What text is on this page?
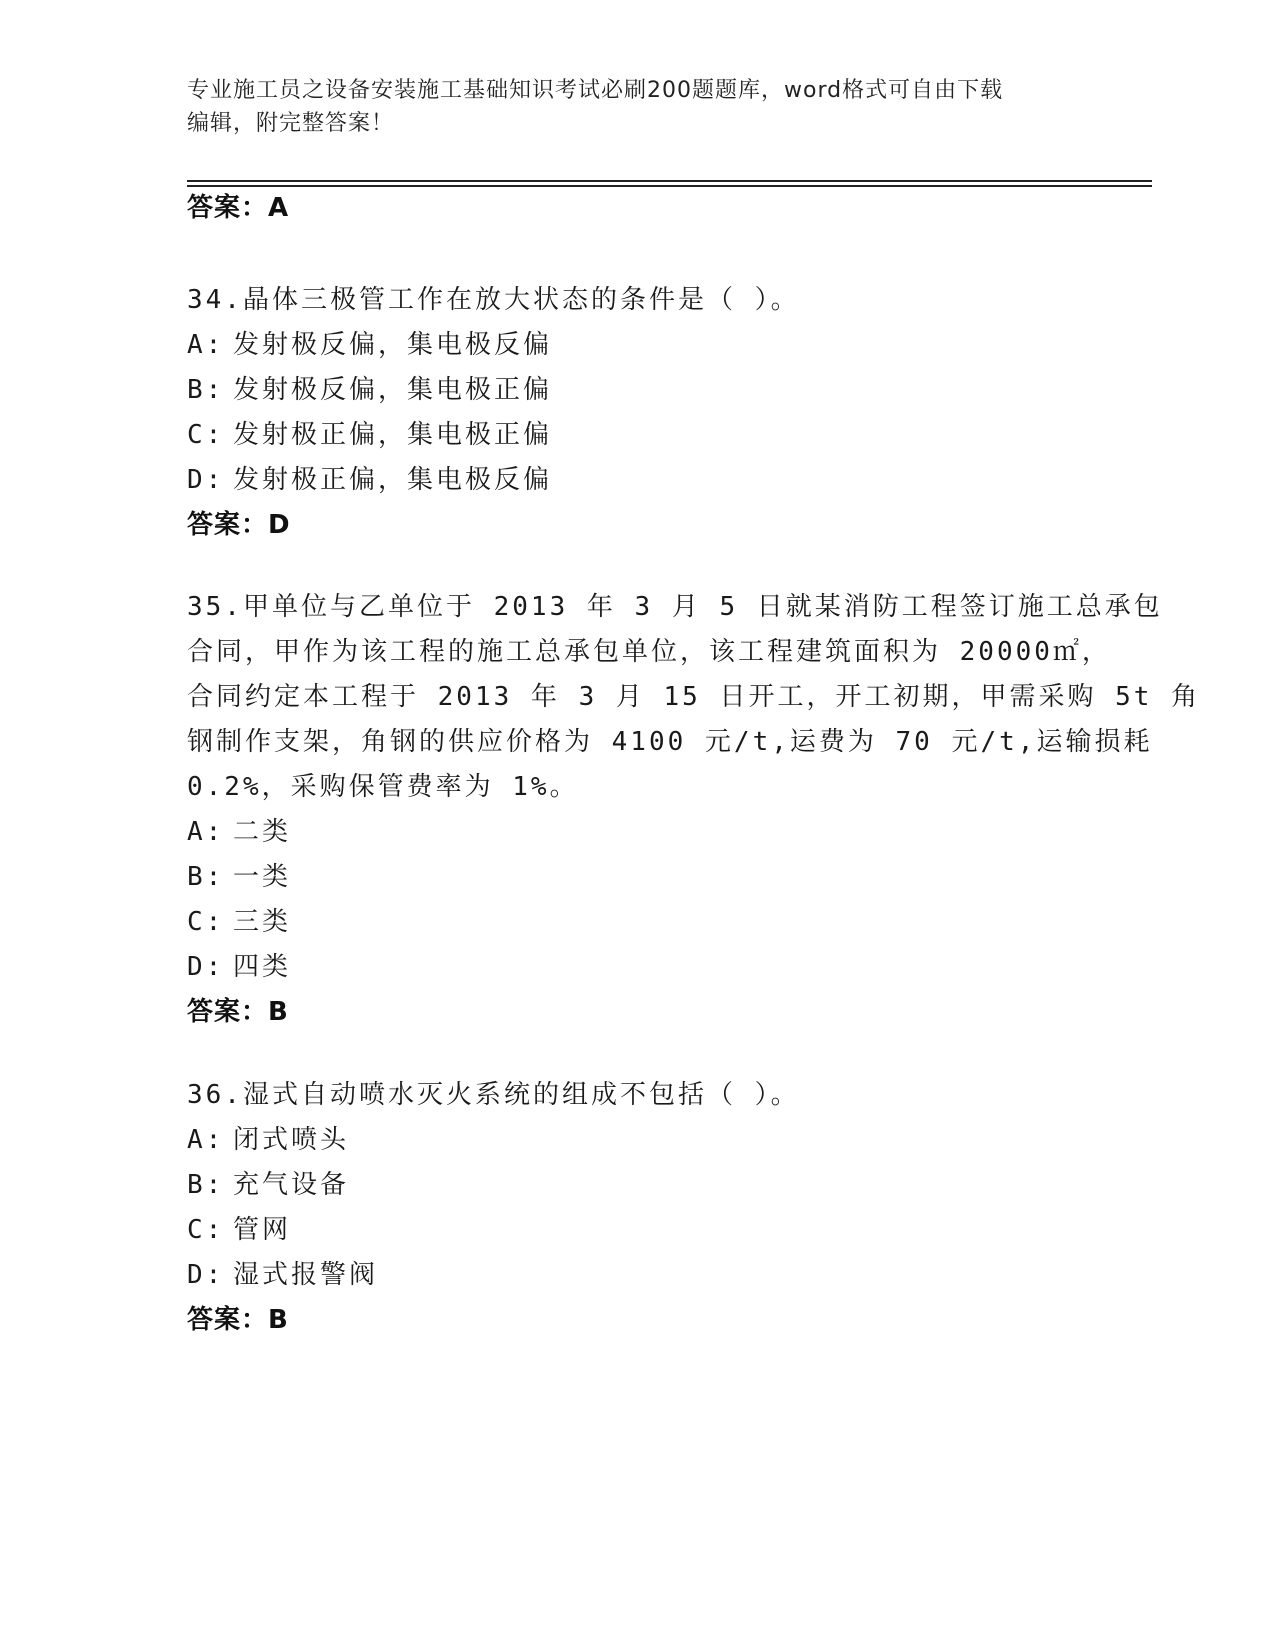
专业施工员之设备安装施工基础知识考试必刷200题题库，word格式可自由下载
编辑，附完整答案！
答案：A
34.晶体三极管工作在放大状态的条件是（ ）。
A: 发射极反偏，集电极反偏
B: 发射极反偏，集电极正偏
C: 发射极正偏，集电极正偏
D: 发射极正偏，集电极反偏
答案：D
35.甲单位与乙单位于 2013 年 3 月 5 日就某消防工程签订施工总承包
合同，甲作为该工程的施工总承包单位，该工程建筑面积为 20000㎡，
合同约定本工程于 2013 年 3 月 15 日开工，开工初期，甲需采购 5t 角
钢制作支架，角钢的供应价格为 4100 元/t,运费为 70 元/t,运输损耗
0.2%，采购保管费率为 1%。
A: 二类
B: 一类
C: 三类
D: 四类
答案：B
36.湿式自动喷水灭火系统的组成不包括（ ）。
A: 闭式喷头
B: 充气设备
C: 管网
D: 湿式报警阀
答案：B
